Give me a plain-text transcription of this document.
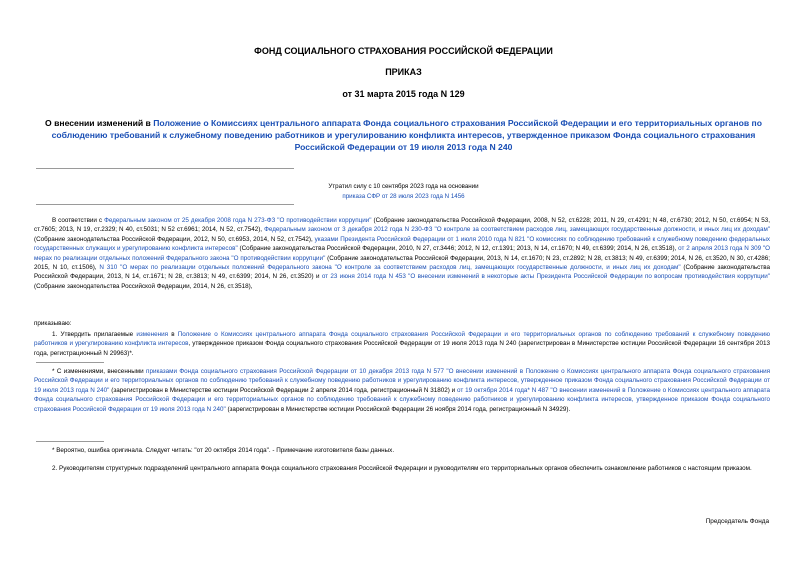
ФОНД СОЦИАЛЬНОГО СТРАХОВАНИЯ РОССИЙСКОЙ ФЕДЕРАЦИИ
ПРИКАЗ
от 31 марта 2015 года N 129
О внесении изменений в Положение о Комиссиях центрального аппарата Фонда социального страхования Российской Федерации и его территориальных органов по соблюдению требований к служебному поведению работников и урегулированию конфликта интересов, утвержденное приказом Фонда социального страхования Российской Федерации от 19 июля 2013 года N 240
Утратил силу с 10 сентября 2023 года на основании
приказа СФР от 28 июля 2023 года N 1456
В соответствии с Федеральным законом от 25 декабря 2008 года N 273-ФЗ "О противодействии коррупции" (Собрание законодательства Российской Федерации, 2008, N 52, ст.6228; 2011, N 29, ст.4291; N 48, ст.6730; 2012, N 50, ст.6954; N 53, ст.7605; 2013, N 19, ст.2329; N 40, ст.5031; N 52 ст.6961; 2014, N 52, ст.7542), Федеральным законом от 3 декабря 2012 года N 230-ФЗ "О контроле за соответствием расходов лиц, замещающих государственные должности, и иных лиц их доходам" (Собрание законодательства Российской Федерации, 2012, N 50, ст.6953, 2014, N 52, ст.7542), указами Президента Российской Федерации от 1 июля 2010 года N 821 "О комиссиях по соблюдению требований к служебному поведению федеральных государственных служащих и урегулированию конфликта интересов" (Собрание законодательства Российской Федерации, 2010, N 27, ст.3446; 2012, N 12, ст.1391; 2013, N 14, ст.1670; N 49, ст.6399; 2014, N 26, ст.3518), от 2 апреля 2013 года N 309 "О мерах по реализации отдельных положений Федерального закона "О противодействии коррупции" (Собрание законодательства Российской Федерации, 2013, N 14, ст.1670; N 23, ст.2892; N 28, ст.3813; N 49, ст.6399; 2014, N 26, ст.3520, N 30, ст.4286; 2015, N 10, ст.1506), N 310 "О мерах по реализации отдельных положений Федерального закона "О контроле за соответствием расходов лиц, замещающих государственные должности, и иных лиц их доходам" (Собрание законодательства Российской Федерации, 2013, N 14, ст.1671; N 28, ст.3813; N 49, ст.6399; 2014, N 26, ст.3520) и от 23 июня 2014 года N 453 "О внесении изменений в некоторые акты Президента Российской Федерации по вопросам противодействия коррупции" (Собрание законодательства Российской Федерации, 2014, N 26, ст.3518),
приказываю:
1. Утвердить прилагаемые изменения в Положение о Комиссиях центрального аппарата Фонда социального страхования Российской Федерации и его территориальных органов по соблюдению требований к служебному поведению работников и урегулированию конфликта интересов, утвержденное приказом Фонда социального страхования Российской Федерации от 19 июля 2013 года N 240 (зарегистрирован в Министерстве юстиции Российской Федерации 16 сентября 2013 года, регистрационный N 29963)*.
* С изменениями, внесенными приказами Фонда социального страхования Российской Федерации от 10 декабря 2013 года N 577 "О внесении изменений в Положение о Комиссиях центрального аппарата Фонда социального страхования Российской Федерации и его территориальных органов по соблюдению требований к служебному поведению работников и урегулированию конфликта интересов, утвержденное приказом Фонда социального страхования Российской Федерации от 19 июля 2013 года N 240" (зарегистрирован в Министерстве юстиции Российской Федерации 2 апреля 2014 года, регистрационный N 31802) и от 19 октября 2014 года* N 487 "О внесении изменений в Положение о Комиссиях центрального аппарата Фонда социального страхования Российской Федерации и его территориальных органов по соблюдению требований к служебному поведению работников и урегулированию конфликта интересов, утвержденное приказом Фонда социального страхования Российской Федерации от 19 июля 2013 года N 240" (зарегистрирован в Министерстве юстиции Российской Федерации 26 ноября 2014 года, регистрационный N 34929).
* Вероятно, ошибка оригинала. Следует читать: "от 20 октября 2014 года". - Примечание изготовителя базы данных.
2. Руководителям структурных подразделений центрального аппарата Фонда социального страхования Российской Федерации и руководителям его территориальных органов обеспечить ознакомление работников с настоящим приказом.
Председатель Фонда
